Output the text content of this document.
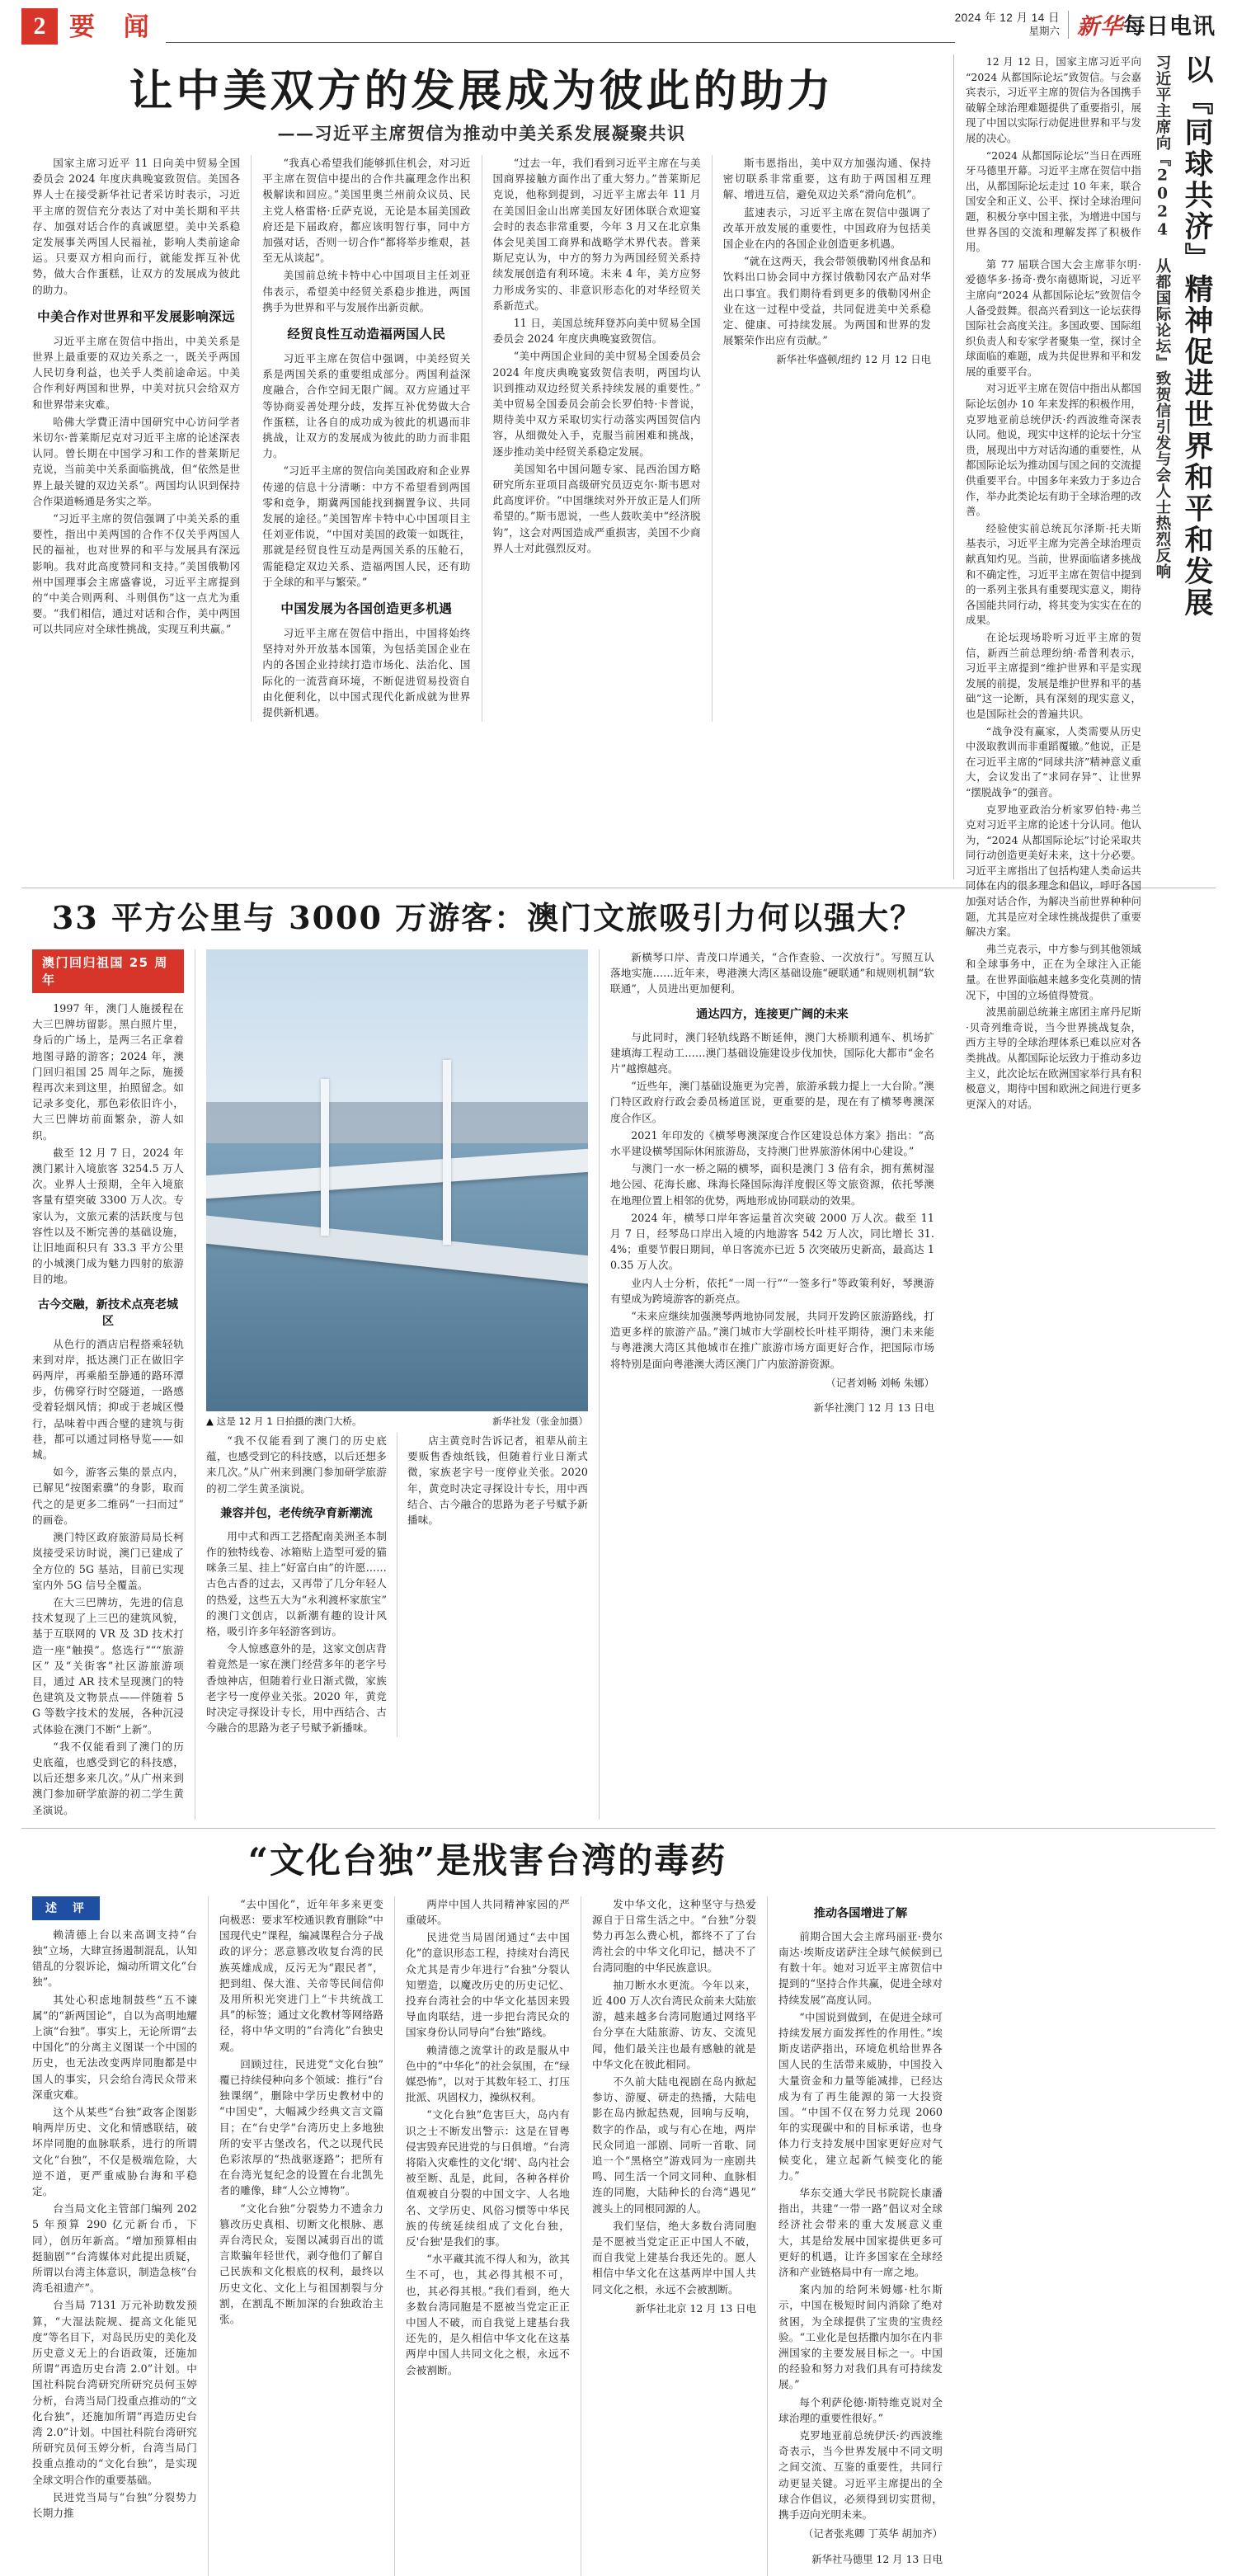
2 要 闻	2024 年 12 月 14 日
星期六 新华每日电讯
让中美双方的发展成为彼此的助力
——习近平主席贺信为推动中美关系发展凝聚共识

国家主席习近平 11 日向美中贸易全国委员会 2024 年度庆典晚宴致贺信。美国各界人士在接受新华社记者采访时表示，习近平主席的贺信充分表达了对中美长期和平共存、加强对话合作的真诚愿望。美中关系稳定发展事关两国人民福祉，影响人类前途命运。只要双方相向而行，就能发挥互补优势，做大合作蛋糕，让双方的发展成为彼此的助力。

中美合作对世界和平发展影响深远

习近平主席在贺信中指出，中美关系是世界上最重要的双边关系之一，既关乎两国人民切身利益，也关乎人类前途命运。中美合作利好两国和世界，中美对抗只会给双方和世界带来灾难。

哈佛大学費正清中国研究中心访问学者米切尔·普莱斯尼克对习近平主席的论述深表认同。曾长期在中国学习和工作的普莱斯尼克说，当前美中关系面临挑战，但“依然是世界上最关键的双边关系”。两国均认识到保持合作渠道畅通是务实之举。

“习近平主席的贺信强调了中美关系的重要性，指出中美两国的合作不仅关乎两国人民的福祉，也对世界的和平与发展具有深远影响。我对此高度赞同和支持。”美国俄勒冈州中国理事会主席盛睿说，习近平主席提到的“中美合则两利、斗则俱伤”这一点尤为重要。“我们相信，通过对话和合作，美中两国可以共同应对全球性挑战，实现互利共赢。”

“我真心希望我们能够抓住机会，对习近平主席在贺信中提出的合作共赢理念作出积极解读和回应。”美国里奥兰州前众议员、民主党人格雷格·丘萨克说，无论是本届美国政府还是下届政府，都应该明智行事，同中方加强对话，否则一切合作“都将举步维艰，甚至无从谈起”。

美国前总统卡特中心中国项目主任刘亚伟表示，希望美中经贸关系稳步推进，两国携手为世界和平与发展作出新贡献。

经贸良性互动造福两国人民

习近平主席在贺信中强调，中美经贸关系是两国关系的重要组成部分。两国利益深度融合，合作空间无限广阔。双方应通过平等协商妥善处理分歧，发挥互补优势做大合作蛋糕，让各自的成功成为彼此的机遇而非挑战，让双方的发展成为彼此的助力而非阻力。

“习近平主席的贺信向美国政府和企业界传递的信息十分清晰：中方不希望看到两国零和竞争，期冀两国能找到搁置争议、共同发展的途径。”美国智库卡特中心中国项目主任刘亚伟说，“中国对美国的政策一如既往，那就是经贸良性互动是两国关系的压舱石，需能稳定双边关系、造福两国人民，还有助于全球的和平与繁荣。”

中国发展为各国创造更多机遇

习近平主席在贺信中指出，中国将始终坚持对外开放基本国策，为包括美国企业在内的各国企业持续打造市场化、法治化、国际化的一流营商环境，不断促进贸易投资自由化便利化，以中国式现代化新成就为世界提供新机遇。

“过去一年，我们看到习近平主席在与美国商界接触方面作出了重大努力。”普莱斯尼克说，他称到提到，习近平主席去年 11 月在美国旧金山出席美国友好团体联合欢迎宴会时的表态非常重要，今年 3 月又在北京集体会见美国工商界和战略学术界代表。普莱斯尼克认为，中方的努力为两国经贸关系持续发展创造有利环境。未来 4 年，美方应努力形成务实的、非意识形态化的对华经贸关系新范式。

11 日，美国总统拜登苏向美中贸易全国委员会 2024 年度庆典晚宴致贺信。

“美中两国企业间的美中贸易全国委员会 2024 年度庆典晚宴致贺信表明，两国均认识到推动双边经贸关系持续发展的重要性。”美中贸易全国委员会前会长罗伯特·卡普说，期待美中双方采取切实行动落实两国贺信内容，从细微处入手，克服当前困难和挑战，逐步推动美中经贸关系稳定发展。

美国知名中国问题专家、昆西治国方略研究所东亚项目高级研究员迈克尔·斯韦恩对此高度评价。“中国继续对外开放正是人们所希望的。”斯韦恩说，一些人鼓吹美中“经济脱钩”，这会对两国造成严重损害，美国不少商界人士对此强烈反对。

斯韦恩指出，美中双方加强沟通、保持密切联系非常重要，这有助于两国相互理解、增进互信，避免双边关系“滑向危机”。

蓝速表示，习近平主席在贺信中强调了改革开放发展的重要性，中国政府为包括美国企业在内的各国企业创造更多机遇。

“就在这两天，我会带领俄勒冈州食品和饮料出口协会同中方探讨俄勒冈农产品对华出口事宜。我们期待看到更多的俄勒冈州企业在这一过程中受益，共同促进美中关系稳定、健康、可持续发展。为两国和世界的发展繁荣作出应有贡献。”

新华社华盛顿/纽约 12 月 12 日电	以『同球共济』精神促进世界和平和发展
习近平主席向『2024 从都国际论坛』致贺信引发与会人士热烈反响

12 月 12 日，国家主席习近平向“2024 从都国际论坛”致贺信。与会嘉宾表示，习近平主席的贺信为各国携手破解全球治理难题提供了重要指引，展现了中国以实际行动促进世界和平与发展的决心。

“2024 从都国际论坛”当日在西班牙马德里开幕。习近平主席在贺信中指出，从都国际论坛走过 10 年来，联合国安全和正义、公平、探讨全球治理问题，积极分享中国主张，为增进中国与世界各国的交流和理解发挥了积极作用。

第 77 届联合国大会主席菲尔明·爱德华多·扬奇·费尔南德斯说，习近平主席向“2024 从都国际论坛”致贺信令人备受鼓舞。很高兴看到这一论坛获得国际社会高度关注。多国政要、国际组织负责人和专家学者聚集一堂，探讨全球面临的难题，成为共促世界和平和发展的重要平台。

对习近平主席在贺信中指出从都国际论坛创办 10 年来发挥的积极作用，克罗地亚前总统伊沃·约西波维奇深表认同。他说，现实中这样的论坛十分宝贵，展现出中方对话沟通的重要性，从都国际论坛为推动国与国之间的交流提供重要平台。中国多年来致力于多边合作，举办此类论坛有助于全球治理的改善。

经验使实前总统瓦尔泽斯·托夫斯基表示，习近平主席为完善全球治理贡献真知灼见。当前，世界面临诸多挑战和不确定性，习近平主席在贺信中提到的一系列主张具有重要现实意义，期待各国能共同行动，将其变为实实在在的成果。

在论坛现场聆听习近平主席的贺信，新西兰前总理纷纳·希普利表示，习近平主席提到“维护世界和平是实现发展的前提，发展是维护世界和平的基础”这一论断，具有深刻的现实意义，也是国际社会的普遍共识。

“战争没有赢家，人类需要从历史中汲取教训而非重蹈覆辙。”他说，正是在习近平主席的“同球共济”精神意义重大，会议发出了“求同存异”、让世界“摆脱战争”的强音。

克罗地亚政治分析家罗伯特·弗兰克对习近平主席的论述十分认同。他认为，“2024 从都国际论坛”讨论采取共同行动创造更美好未来，这十分必要。习近平主席指出了包括构建人类命运共同体在内的很多理念和倡议，呼吁各国加强对话合作，为解决当前世界种种问题，尤其是应对全球性挑战提供了重要解决方案。

弗兰克表示，中方参与到其他领域和全球事务中，正在为全球注入正能量。在世界面临越来越多变化莫测的情况下，中国的立场值得赞赏。

波黑前副总统兼主席团主席丹尼斯·贝奇列维奇说，当今世界挑战复杂，西方主导的全球治理体系已难以应对各类挑战。从都国际论坛致力于推动多边主义，此次论坛在欧洲国家举行具有积极意义，期待中国和欧洲之间进行更多更深入的对话。

33 平方公里与 3000 万游客：澳门文旅吸引力何以强大？
澳门回归祖国 25 周年

1997 年，澳门人施援程在大三巴牌坊留影。黑白照片里，身后的广场上，是两三名正拿着地图寻路的游客；2024 年，澳门回归祖国 25 周年之际，施援程再次来到这里，拍照留念。如记录多变化，那色彩依旧许小，大三巴牌坊前面繁杂，游人如织。

截至 12 月 7 日，2024 年澳门累计入境旅客 3254.5 万人次。业界人士预期，全年入境旅客量有望突破 3300 万人次。专家认为，文旅元素的活跃度与包容性以及不断完善的基础设施，让旧地面积只有 33.3 平方公里的小城澳门成为魅力四射的旅游目的地。

古今交融，新技术点亮老城区

从色行的酒店启程搭乘轻轨来到对岸，抵达澳门正在做旧字码两岸，再乘船至静通的路环潭步，仿佛穿行时空隧道，一路感受着轻烟风情；抑或于老城区慢行，品味着中西合璧的建筑与街巷，都可以通过同格导览——如城。

如今，游客云集的景点内，已解见“按图索骥”的身影，取而代之的是更多二维码“一扫而过”的画卷。

澳门特区政府旅游局局长柯岚接受采访时说，澳门已建成了全方位的 5G 基站，目前已实现室内外 5G 信号全覆盖。

在大三巴牌坊，先进的信息技术复现了上三巴的建筑风貌，基于互联网的 VR 及 3D 技术打造一座“触摸”。悠选行“““旅游区” 及“关街客”社区游旅游项目，通过 AR 技术呈现澳门的特色建筑及文物景点——伴随着 5G 等数字技术的发展，各种沉浸式体验在澳门不断“上新”。

“我不仅能看到了澳门的历史底蕴，也感受到它的科技感，以后还想多来几次。”从广州来到澳门参加研学旅游的初二学生黄圣演说。

▲ 这是 12 月 1 日拍摄的澳门大桥。	新华社发（张金加摄）

“我不仅能看到了澳门的历史底蕴，也感受到它的科技感，以后还想多来几次。”从广州来到澳门参加研学旅游的初二学生黄圣演说。

兼容并包，老传统孕育新潮流

用中式和西工艺搭配南美洲圣本制作的独特线卷、冰箱贴上造型可爱的猫咪条三星、挂上“好富白由”的许愿……古色古香的过去，又再带了几分年轻人的热爱，这些五大为“永利渡杯家旅宝”的澳门文创店，以新潮有趣的设计风格，吸引许多年轻游客到访。

令人惊感意外的是，这家文创店背着竟然是一家在澳门经营多年的老字号香烛神店，但随着行业日渐式微，家族老字号一度停业关张。2020 年，黄竞时决定寻探设计专长，用中西结合、古今融合的思路为老子号赋予新播味。

店主黄竞时告诉记者，祖辈从前主要贩售香烛纸钱，但随着行业日渐式微，家族老字号一度停业关张。2020 年，黄竞时决定寻探设计专长，用中西结合、古今融合的思路为老子号赋予新播味。

新横琴口岸、青茂口岸通关，“合作查验、一次放行”。写照互认落地实施……近年来，粤港澳大湾区基础设施“硬联通”和规则机制“软联通”，人员进出更加便利。

通达四方，连接更广阔的未来

与此同时，澳门轻轨线路不断延伸，澳门大桥顺利通车、机场扩建填海工程动工……澳门基础设施建设步伐加快，国际化大都市“金名片”越擦越亮。

“近些年，澳门基础设施更为完善，旅游承载力提上一大台阶。”澳门特区政府行政会委员杨道匡说，更重要的是，现在有了横琴粤澳深度合作区。

2021 年印发的《横琴粤澳深度合作区建设总体方案》指出：“高水平建设横琴国际休闲旅游岛，支持澳门世界旅游休闲中心建设。”

与澳门一水一桥之隔的横琴，面积是澳门 3 倍有余，拥有蕉树湿地公园、花海长廊、珠海长隆国际海洋度假区等文旅资源，依托琴澳在地理位置上相邻的优势，两地形成协同联动的效果。

2024 年，横琴口岸年客运量首次突破 2000 万人次。截至 11 月 7 日，经琴岛口岸出入境的内地游客 542 万人次，同比增长 31.4%；重要节假日期间，单日客流亦已近 5 次突破历史新高，最高达 10.35 万人次。

业内人士分析，依托“一周一行”“一签多行”等政策利好，琴澳游有望成为跨境游客的新亮点。

“未来应继续加强澳琴两地协同发展，共同开发跨区旅游路线，打造更多样的旅游产品。”澳门城市大学副校长叶桂平期待，澳门未来能与粤港澳大湾区其他城市在推广旅游市场方面更好合作，把国际市场将特别是面向粤港澳大湾区澳门广内旅游游资源。

（记者刘畅 刘畅 朱娜）

新华社澳门 12 月 13 日电

“文化台独”是戕害台湾的毒药
述 评

赖清德上台以来高调支持“台独”立场，大肆宣扬遏制混乱，认知错乱的分裂诉论，煽动所谓文化“台独”。

其处心积虑地制鼓些“五不谏属”的“新两国论”，自以为高明地耀上演“台独”。事实上，无论所谓“去中国化”的分离主义图谋一个中国的历史，也无法改变两岸同胞都是中国人的事实，只会给台湾民众带来深重灾难。

这个从某些“台独”政客企图影响两岸历史、文化和情感联结，破坏岸同胞的血脉联系，进行的所谓文化“台独”，不仅是极端危险，大逆不道，更严重威胁台海和平稳定。

台当局文化主管部门编列 2025 年预算 290 亿元新台币，下同），创历年新高。“增加预算相由挺脑剧”“台湾媒体对此提出质疑，所谓以台湾主体意识，制造急核“台湾毛祖遗产”。

台当局 7131 万元补助数发预算，“大湿法院规、提高文化能见度”等名目下，对岛民历史的美化及历史意义无上的台语政策，还施加所谓“再造历史台湾 2.0”计划。中国社科院台湾研究所研究员何玉婷分析，台湾当局门投重点推动的“文化台独”，还施加所谓“再造历史台湾 2.0”计划。中国社科院台湾研究所研究员何玉婷分析，台湾当局门投重点推动的“文化台独”，是实现全球文明合作的重要基础。

民进党当局与“台独”分裂势力长期力推

“去中国化”，近年年多来更变向极恶：要求军校通识教育删除“中国现代史”课程，编减课程合分子战政的评分；恶意篡改收复台湾的民族英雄成成，反污无为“跟民者”，把到组、保大淮、关帝等民间信仰及用所积光突进门上“卡共统战工具”的标签；通过文化教材等网络路径，将中华文明的“台湾化”台独史观。

回顾过往，民进党“文化台独”覆已持续侵种向多个领域：推行“台独课纲”，删除中学历史教材中的“中国史”，大幅减少经典文言文篇目；在“台史学”台湾历史上多地独所的安平古堡改名，代之以现代民色彩浓厚的“热战驱逐路”；把所有在台湾光复纪念的设置在台北凯先者的雕像，肆“人公立博物”。

“文化台独”分裂势力不遗余力篡改历史真相、切断文化根脉、惠弄台湾民众，妄图以减弱百出的谎言欺骗年轻世代，剥夺他们了解自己民族和文化根底的权利，最终以历史文化、文化上与祖国割裂与分割，在割乱不断加深的台独政治主张。

两岸中国人共同精神家园的严重破坏。

民进党当局固闭通过“去中国化”的意识形态工程，持续对台湾民众尤其是青少年进行“台独”分裂认知塑造，以魔改历史的历史记忆、投弃台湾社会的中华文化基因来毁导血肉联结，进一步把台湾民众的国家身份认同导向“台独”路线。

赖清德之流掌计的政是服从中色中的“中华化”的社会氛围，在“绿媒恐怖”，以对于其数年轻工、打压批派、巩固权力，操纵权利。

“文化台独”危害巨大，岛内有识之士不断发出警示：这是在冒粤侵害毁弃民进党的与日俱增。“台湾将陷入灾难性的文化'纲'、岛内社会被至断、乱是，此间，各种各样价值观被自分裂的中国文字、人名地名、文学历史、风俗习惯等中华民族的传统延续组成了文化台独，反'台独'是我们的事。

“水平藏其流不得人和为，欲其生不可，也，其必得其根不可，也，其必得其根。”我们看到，绝大多数台湾同胞是不愿被当党定正正中国人不破，而自我觉上建基台我还先的，是久相信中华文化在这基两岸中国人共同文化之根，永远不会被割断。

发中华文化，这种坚守与热爱源自于日常生活之中。“台独”分裂势力再怎么费心机，都终不了了台湾社会的中华文化印记，撼决不了台湾同胞的中华民族意识。

抽刀断水水更流。今年以来，近 400 万人次台湾民众前来大陆旅游，越来越多台湾同胞通过网络平台分享在大陆旅游、访友、交流见闻，他们最关注也最有感触的就是中华文化在彼此相同。

不久前大陆电视剧在岛内掀起参访、游厦、研走的热播，大陆电影在岛内掀起热观，回响与反响，数字的作品，或与有心在地，两岸民众同追一部剧、同听一首歌、同追一个“黑格空”游戏同为一座剧共鸣、同生活一个同文同种、血脉相连的同胞，大陆种长的台湾“遇见”渡头上的同根同源的人。

我们坚信，绝大多数台湾同胞是不愿被当党定正正中国人不破，而自我觉上建基台我还先的。愿人相信中华文化在这基两岸中国人共同文化之根，永远不会被割断。

新华社北京 12 月 13 日电

推动各国增进了解

前期合国大会主席玛丽亚·费尔南达·埃斯皮诺萨注全球气候候到已有数十年。她对习近平主席贺信中提到的“坚持合作共赢，促进全球对持续发展”高度认同。

“中国说到做到，在促进全球可持续发展方面发挥性的作用性。”埃斯皮诺萨指出，环境危机给世界各国人民的生活带来威胁，中国投入大量资金和力量等能减排，已经达成为有了再生能源的第一大投资国。“中国不仅在努力兑现 2060 年的实现碳中和的目标承诺，也身体力行支持发展中国家更好应对气候变化，建立起新气候变化的能力。”

华东交通大学民书院院长康潘指出，共建“一带一路”倡议对全球经济社会带来的重大发展意义重大，其是给发展中国家提供更多可更好的机遇，让许多国家在全球经济和产业链格局中有一席之地。

案内加的给阿米姆娜·杜尔斯示，中国在极短时间内消除了绝对贫困，为全球提供了宝贵的宝贵经验。“工业化是包括撒内加尔在内非洲国家的主要发展目标之一。中国的经验和努力对我们具有可持续发展。”

每个利萨伦德·斯特维克说对全球治理的重要性很好。”

克罗地亚前总统伊沃·约西波维奇表示，当今世界发展中不同文明之间交流、互鉴的重要性，共同行动更显关键。习近平主席提出的全球合作倡议，必须得到切实贯彻，携手迈向光明未来。

（记者张兆卿 丁英华 胡加齐）

新华社马德里 12 月 13 日电
